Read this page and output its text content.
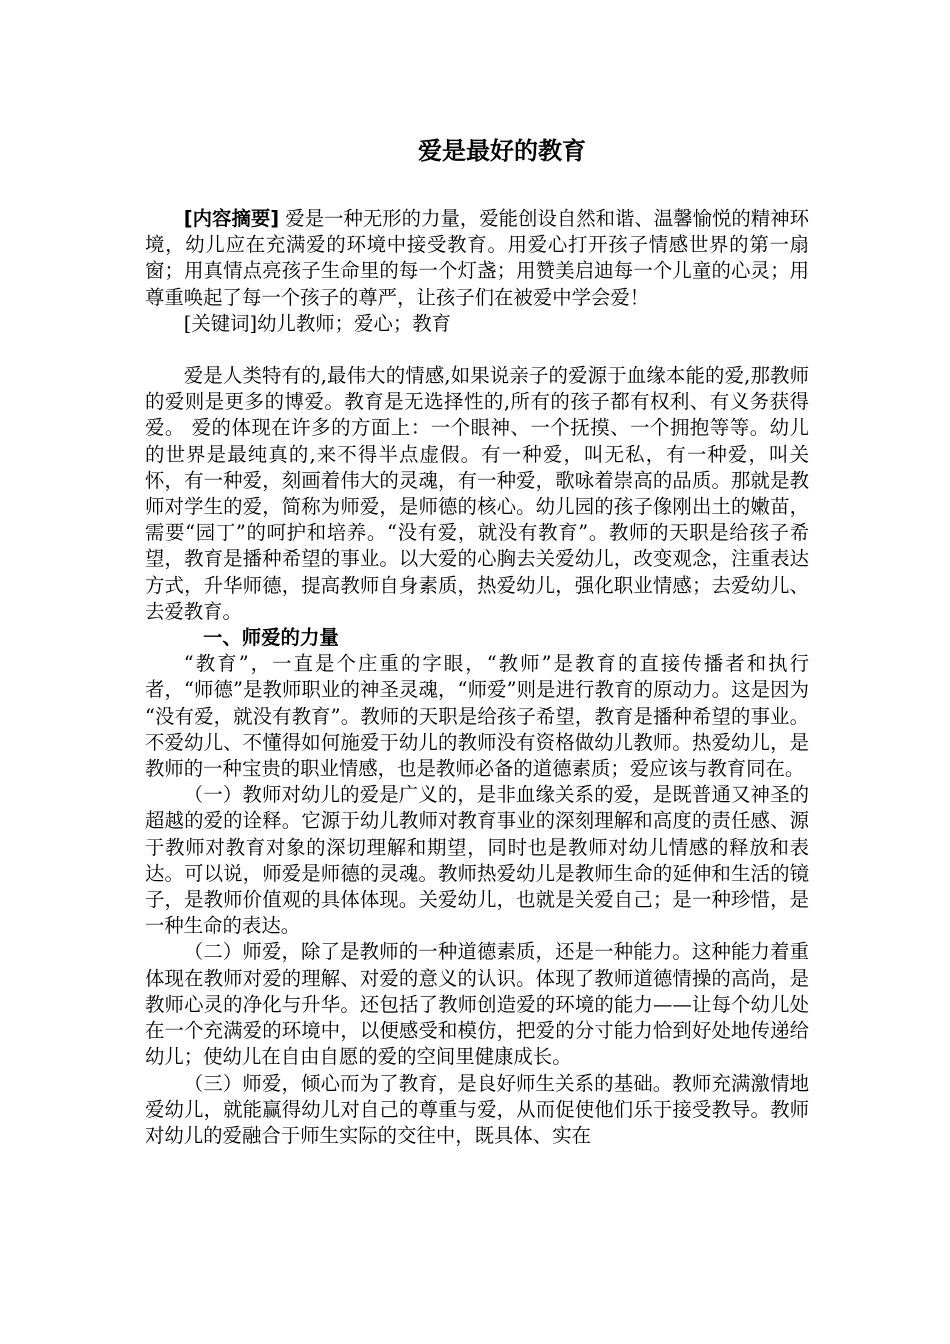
爱是最好的教育

[内容摘要] 爱是一种无形的力量，爱能创设自然和谐、温馨愉悦的精神环境，幼儿应在充满爱的环境中接受教育。用爱心打开孩子情感世界的第一扇窗；用真情点亮孩子生命里的每一个灯盏；用赞美启迪每一个儿童的心灵；用尊重唤起了每一个孩子的尊严，让孩子们在被爱中学会爱！

[关键词]幼儿教师；爱心；教育

爱是人类特有的,最伟大的情感,如果说亲子的爱源于血缘本能的爱,那教师的爱则是更多的博爱。教育是无选择性的,所有的孩子都有权利、有义务获得爱。 爱的体现在许多的方面上：一个眼神、一个抚摸、一个拥抱等等。幼儿的世界是最纯真的,来不得半点虚假。有一种爱，叫无私，有一种爱，叫关怀，有一种爱，刻画着伟大的灵魂，有一种爱，歌咏着崇高的品质。那就是教师对学生的爱，简称为师爱，是师德的核心。幼儿园的孩子像刚出土的嫩苗，需要“园丁”的呵护和培养。“没有爱，就没有教育”。教师的天职是给孩子希望，教育是播种希望的事业。以大爱的心胸去关爱幼儿，改变观念，注重表达方式，升华师德，提高教师自身素质，热爱幼儿，强化职业情感；去爱幼儿、去爱教育。

一、师爱的力量

“教育”，一直是个庄重的字眼，“教师”是教育的直接传播者和执行者，“师德”是教师职业的神圣灵魂，“师爱”则是进行教育的原动力。这是因为 “没有爱，就没有教育”。教师的天职是给孩子希望，教育是播种希望的事业。不爱幼儿、不懂得如何施爱于幼儿的教师没有资格做幼儿教师。热爱幼儿，是教师的一种宝贵的职业情感，也是教师必备的道德素质；爱应该与教育同在。

（一）教师对幼儿的爱是广义的，是非血缘关系的爱，是既普通又神圣的超越的爱的诠释。它源于幼儿教师对教育事业的深刻理解和高度的责任感、源于教师对教育对象的深切理解和期望，同时也是教师对幼儿情感的释放和表达。可以说，师爱是师德的灵魂。教师热爱幼儿是教师生命的延伸和生活的镜子，是教师价值观的具体体现。关爱幼儿，也就是关爱自己；是一种珍惜，是一种生命的表达。

（二）师爱，除了是教师的一种道德素质，还是一种能力。这种能力着重体现在教师对爱的理解、对爱的意义的认识。体现了教师道德情操的高尚，是教师心灵的净化与升华。还包括了教师创造爱的环境的能力——让每个幼儿处在一个充满爱的环境中，以便感受和模仿，把爱的分寸能力恰到好处地传递给幼儿；使幼儿在自由自愿的爱的空间里健康成长。

（三）师爱，倾心而为了教育，是良好师生关系的基础。教师充满激情地爱幼儿，就能赢得幼儿对自己的尊重与爱，从而促使他们乐于接受教导。教师对幼儿的爱融合于师生实际的交往中，既具体、实在
